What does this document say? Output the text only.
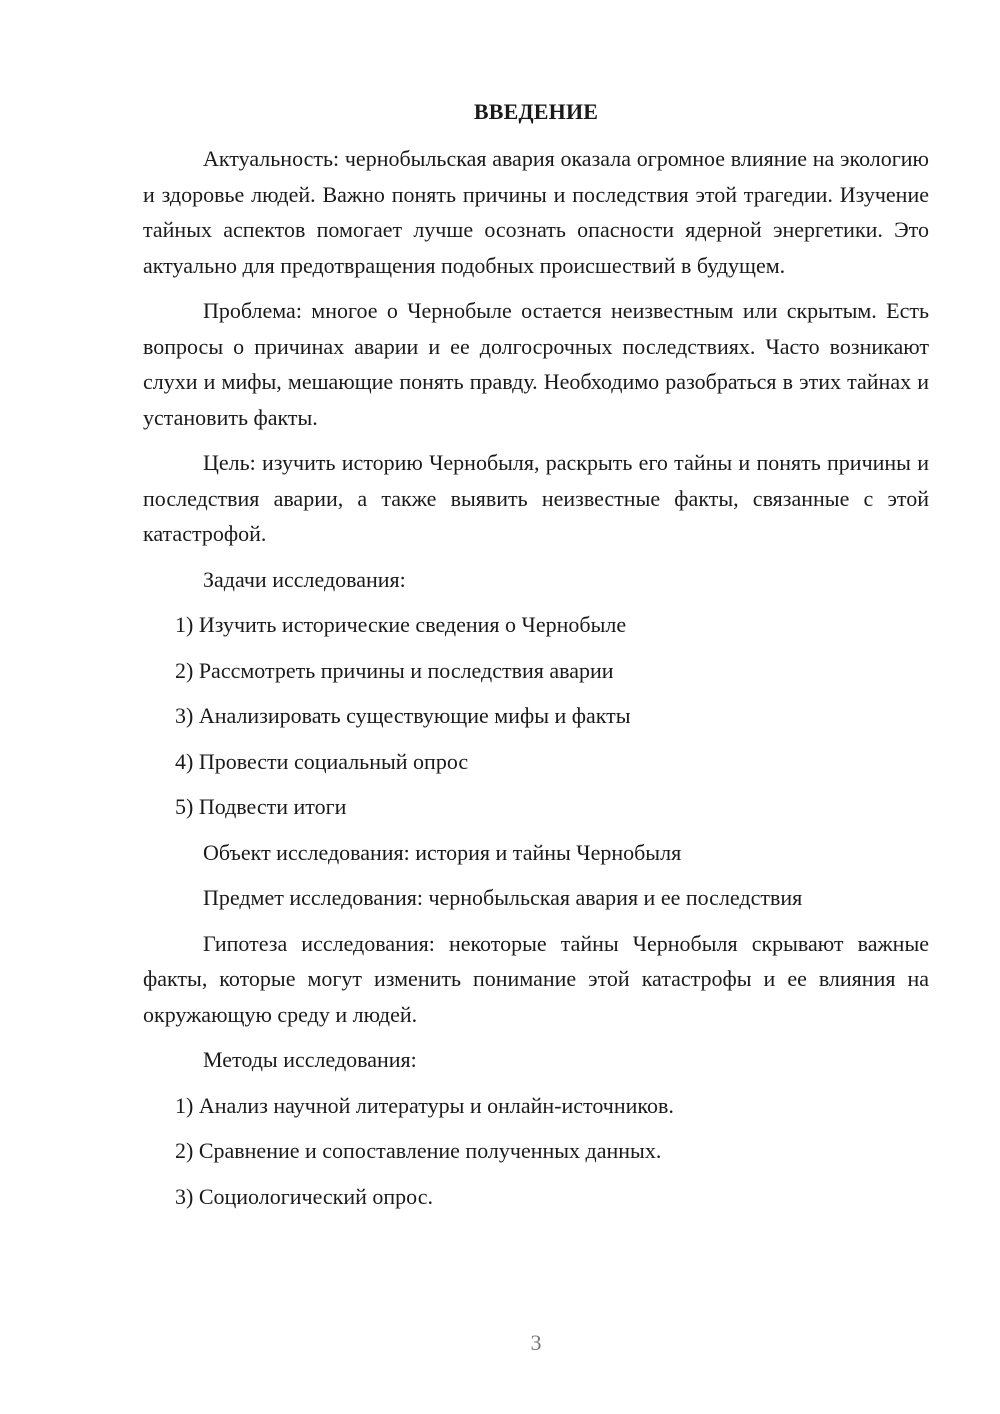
ВВЕДЕНИЕ

Актуальность: чернобыльская авария оказала огромное влияние на экологию и здоровье людей. Важно понять причины и последствия этой трагедии. Изучение тайных аспектов помогает лучше осознать опасности ядерной энергетики. Это актуально для предотвращения подобных происшествий в будущем.

Проблема: многое о Чернобыле остается неизвестным или скрытым. Есть вопросы о причинах аварии и ее долгосрочных последствиях. Часто возникают слухи и мифы, мешающие понять правду. Необходимо разобраться в этих тайнах и установить факты.

Цель: изучить историю Чернобыля, раскрыть его тайны и понять причины и последствия аварии, а также выявить неизвестные факты, связанные с этой катастрофой.

Задачи исследования:

1) Изучить исторические сведения о Чернобыле
2) Рассмотреть причины и последствия аварии
3) Анализировать существующие мифы и факты
4) Провести социальный опрос
5) Подвести итоги

Объект исследования: история и тайны Чернобыля

Предмет исследования: чернобыльская авария и ее последствия

Гипотеза исследования: некоторые тайны Чернобыля скрывают важные факты, которые могут изменить понимание этой катастрофы и ее влияния на окружающую среду и людей.

Методы исследования:

1) Анализ научной литературы и онлайн-источников.
2) Сравнение и сопоставление полученных данных.
3) Социологический опрос.
3
